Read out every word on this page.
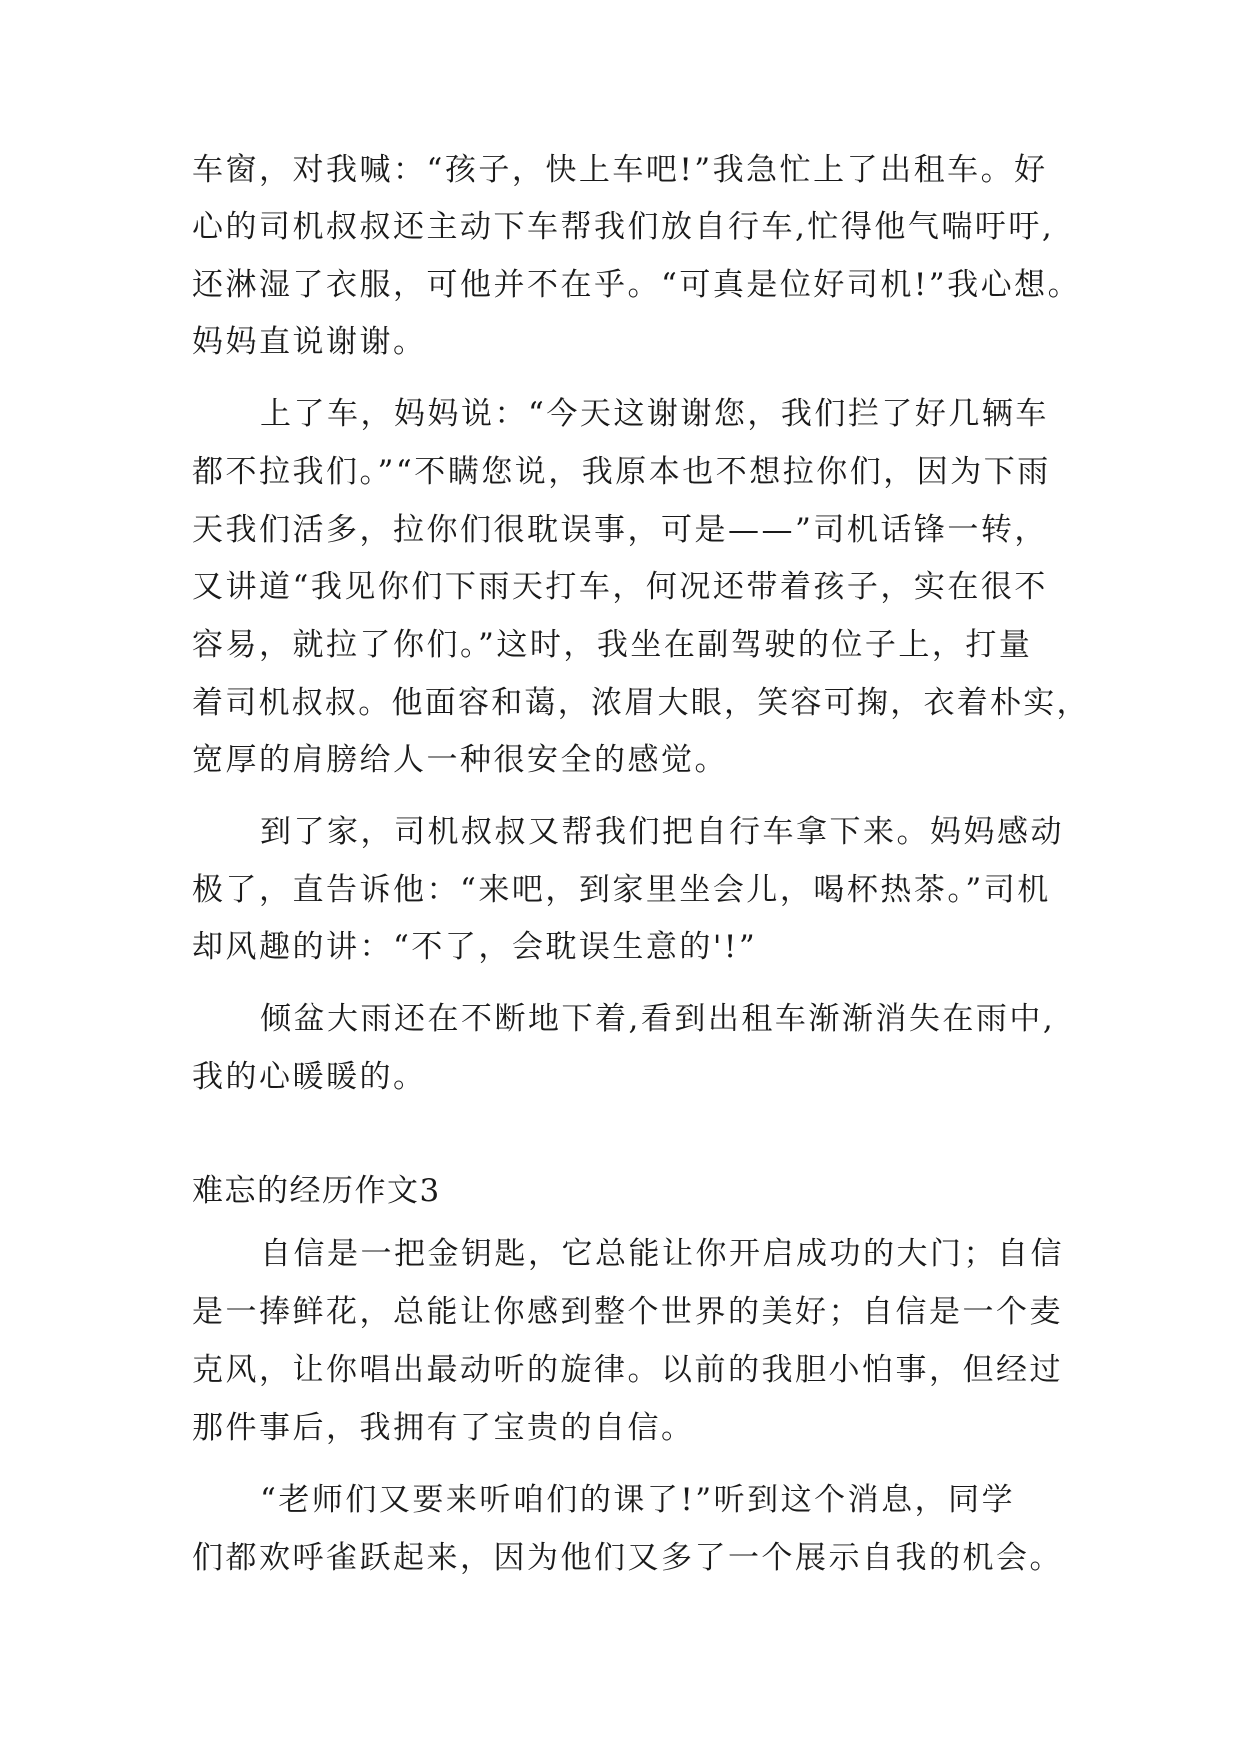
车窗，对我喊：“孩子，快上车吧!”我急忙上了出租车。好
心的司机叔叔还主动下车帮我们放自行车,忙得他气喘吁吁,
还淋湿了衣服，可他并不在乎。“可真是位好司机!”我心想。
妈妈直说谢谢。
上了车，妈妈说：“今天这谢谢您，我们拦了好几辆车
都不拉我们。”“不瞒您说，我原本也不想拉你们，因为下雨
天我们活多，拉你们很耽误事，可是——”司机话锋一转，
又讲道“我见你们下雨天打车，何况还带着孩子，实在很不
容易，就拉了你们。”这时，我坐在副驾驶的位子上，打量
着司机叔叔。他面容和蔼，浓眉大眼，笑容可掬，衣着朴实，
宽厚的肩膀给人一种很安全的感觉。
到了家，司机叔叔又帮我们把自行车拿下来。妈妈感动
极了，直告诉他：“来吧，到家里坐会儿，喝杯热茶。”司机
却风趣的讲：“不了，会耽误生意的'!”
倾盆大雨还在不断地下着,看到出租车渐渐消失在雨中,
我的心暖暖的。
难忘的经历作文3
自信是一把金钥匙，它总能让你开启成功的大门；自信
是一捧鲜花，总能让你感到整个世界的美好；自信是一个麦
克风，让你唱出最动听的旋律。以前的我胆小怕事，但经过
那件事后，我拥有了宝贵的自信。
“老师们又要来听咱们的课了!”听到这个消息，同学
们都欢呼雀跃起来，因为他们又多了一个展示自我的机会。
